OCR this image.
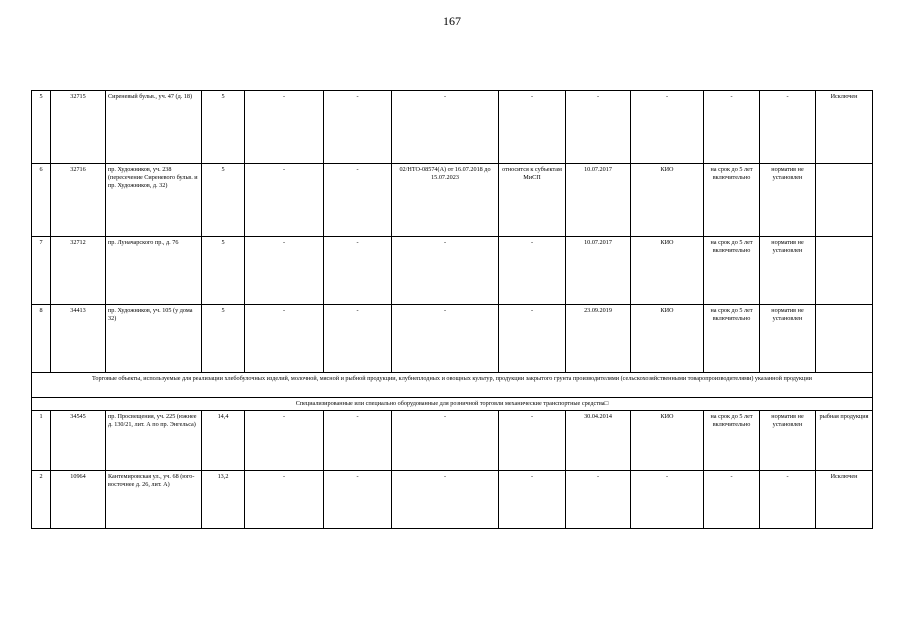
167
5	32715	Сиреневый бульв., уч. 47 (д. 18)	5	-	-	-	-	-	-	-	-	Исключен
6	32716	пр. Художников, уч. 238 (пересечение Сиреневого бульв. и пр. Художников, д. 32)	5	-	-	02/НТО-08574(А) от 16.07.2018 до 15.07.2023	относится к субъектам МиСП	10.07.2017	КИО	на срок до 5 лет включительно	норматив не установлен	
7	32712	пр. Луначарского пр., д. 76	5	-	-	-	-	10.07.2017	КИО	на срок до 5 лет включительно	норматив не установлен	
8	34413	пр. Художников, уч. 105 (у дома 32)	5	-	-	-	-	23.09.2019	КИО	на срок до 5 лет включительно	норматив не установлен	
Торговые объекты, используемые для реализации хлебобулочных изделий, молочной, мясной и рыбной продукции, клубнеплодных и овощных культур, продукции закрытого грунта производителями (сельскохозяйственными товаропроизводителями) указанной продукции												
Специализированные или специально оборудованные для розничной торговли механические транспортные средства□												
1	34545	пр. Просвещения, уч. 225 (южнее д. 130/21, лит. А по пр. Энгельса)	14,4	-	-	-	-	30.04.2014	КИО	на срок до 5 лет включительно	норматив не установлен	рыбная продукция
2	10964	Кантемировская ул., уч. 68 (юго-восточнее д. 26, лит. А)	13,2	-	-	-	-	-	-	-	-	Исключен
